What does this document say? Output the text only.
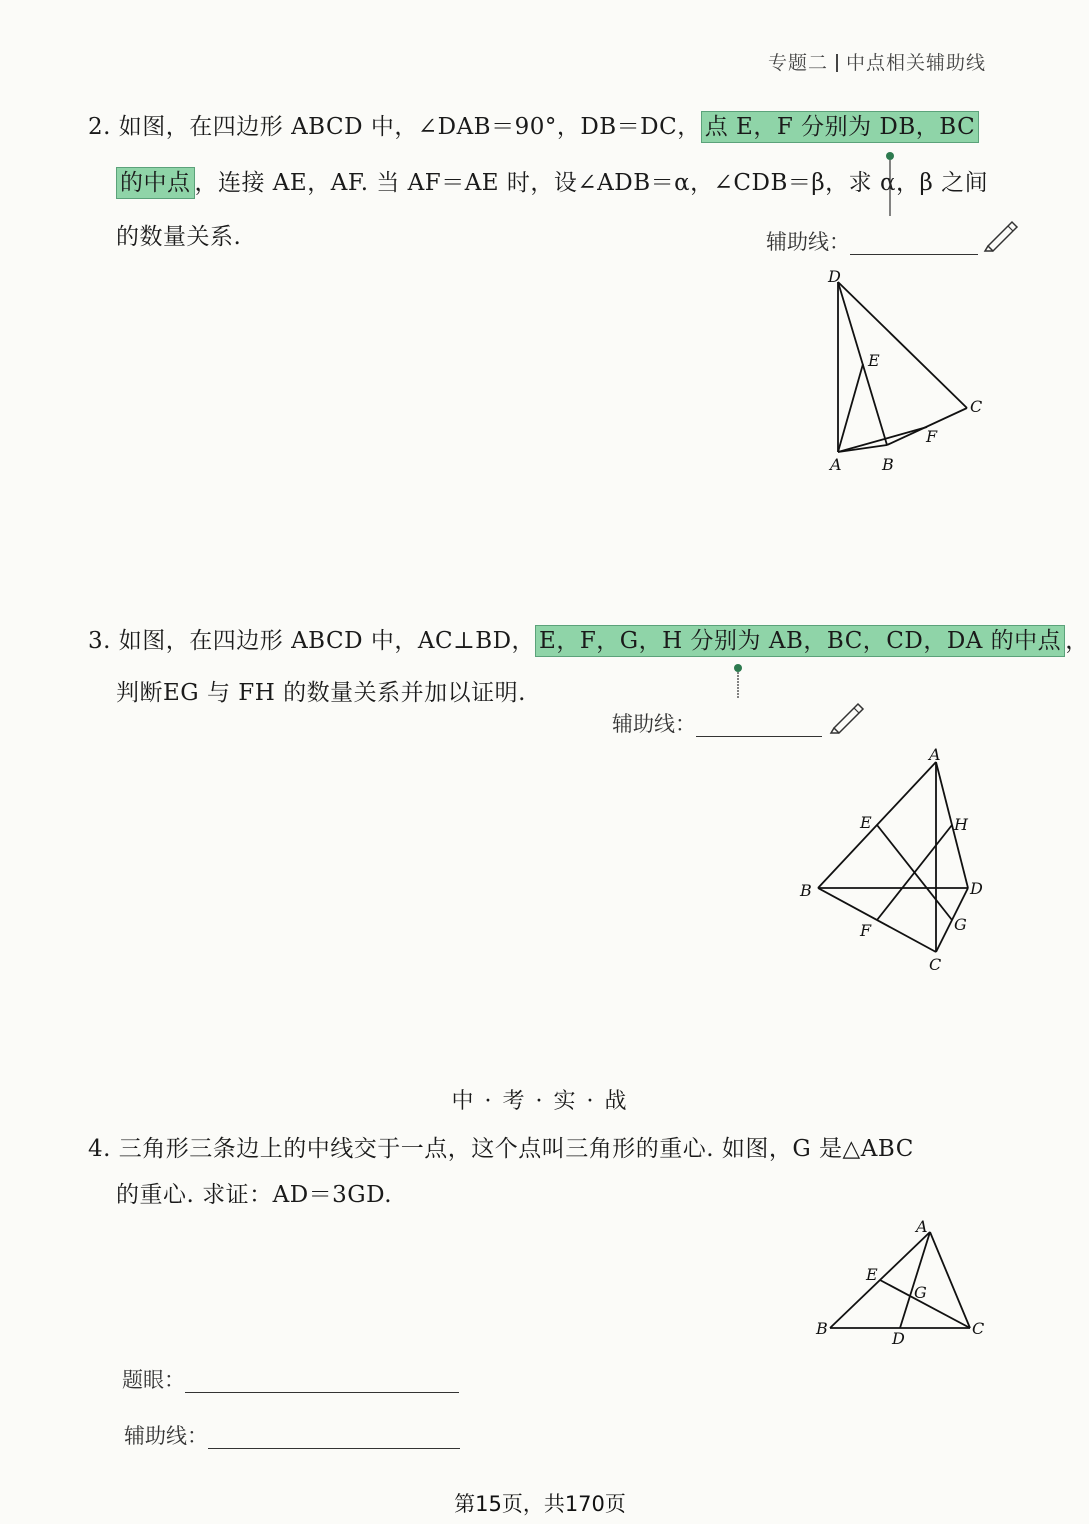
专题二 中点相关辅助线
2. 如图，在四边形 ABCD 中，∠DAB＝90°，DB＝DC， 点 E，F 分别为 DB，BC
的中点 ，连接 AE，AF. 当 AF＝AE 时，设∠ADB＝α，∠CDB＝β，求 α，β 之间
的数量关系.	辅助线：
D
E
C
F
A	B
3. 如图，在四边形 ABCD 中，AC⊥BD， E，F，G，H 分别为 AB，BC，CD，DA 的中点 ，
判断EG 与 FH 的数量关系并加以证明.
辅助线：
A
E	H
B	D
F	G
C
中 · 考 · 实 · 战
4. 三角形三条边上的中线交于一点，这个点叫三角形的重心. 如图，G 是△ABC
的重心. 求证：AD＝3GD.
A
E
G
B
D
C
题眼：
辅助线：
第15页，共170页
